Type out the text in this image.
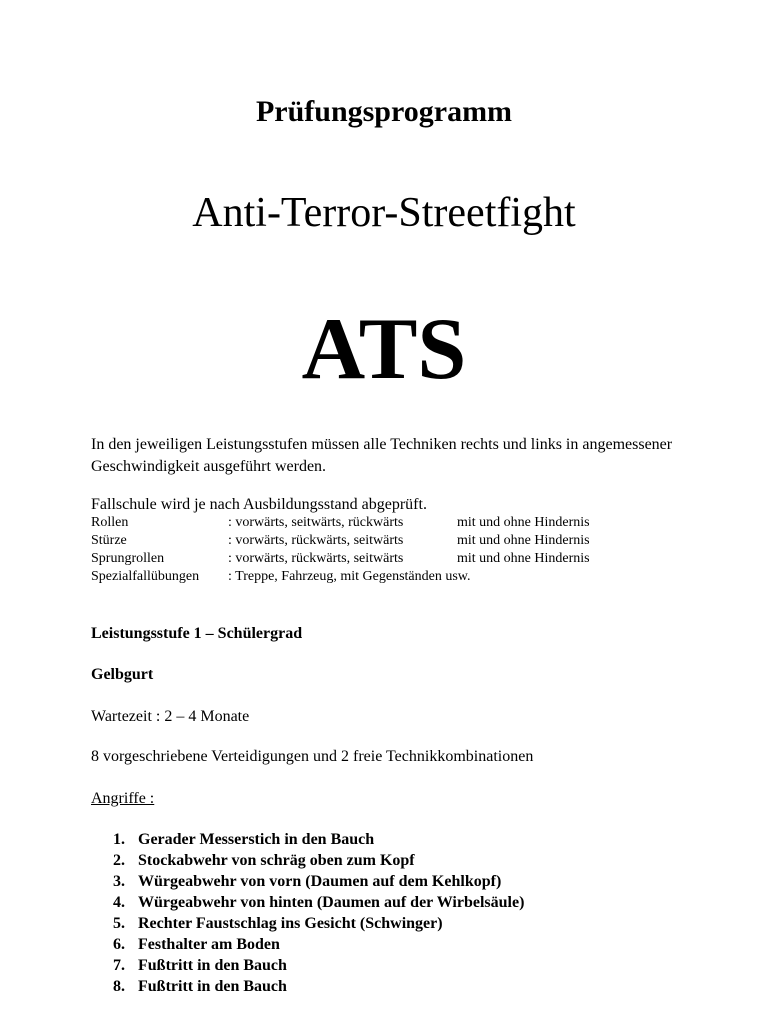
Prüfungsprogramm
Anti-Terror-Streetfight
ATS
In den jeweiligen Leistungsstufen müssen alle Techniken rechts und links in angemessener Geschwindigkeit ausgeführt werden.
Fallschule wird je nach Ausbildungsstand abgeprüft.
Rollen	: vorwärts, seitwärts, rückwärts	mit und ohne Hindernis
Stürze	: vorwärts, rückwärts, seitwärts	mit und ohne Hindernis
Sprungrollen	: vorwärts, rückwärts, seitwärts	mit und ohne Hindernis
Spezialfallübungen : Treppe, Fahrzeug, mit Gegenständen usw.
Leistungsstufe 1 – Schülergrad
Gelbgurt
Wartezeit : 2 – 4 Monate
8 vorgeschriebene Verteidigungen und 2 freie Technikkombinationen
Angriffe :
1. Gerader Messerstich in den Bauch
2. Stockabwehr von schräg oben zum Kopf
3. Würgeabwehr von vorn (Daumen auf dem Kehlkopf)
4. Würgeabwehr von hinten (Daumen auf der Wirbelsäule)
5. Rechter Faustschlag ins Gesicht (Schwinger)
6. Festhalter am Boden
7. Fußtritt in den Bauch
8. Fußtritt in den Bauch
